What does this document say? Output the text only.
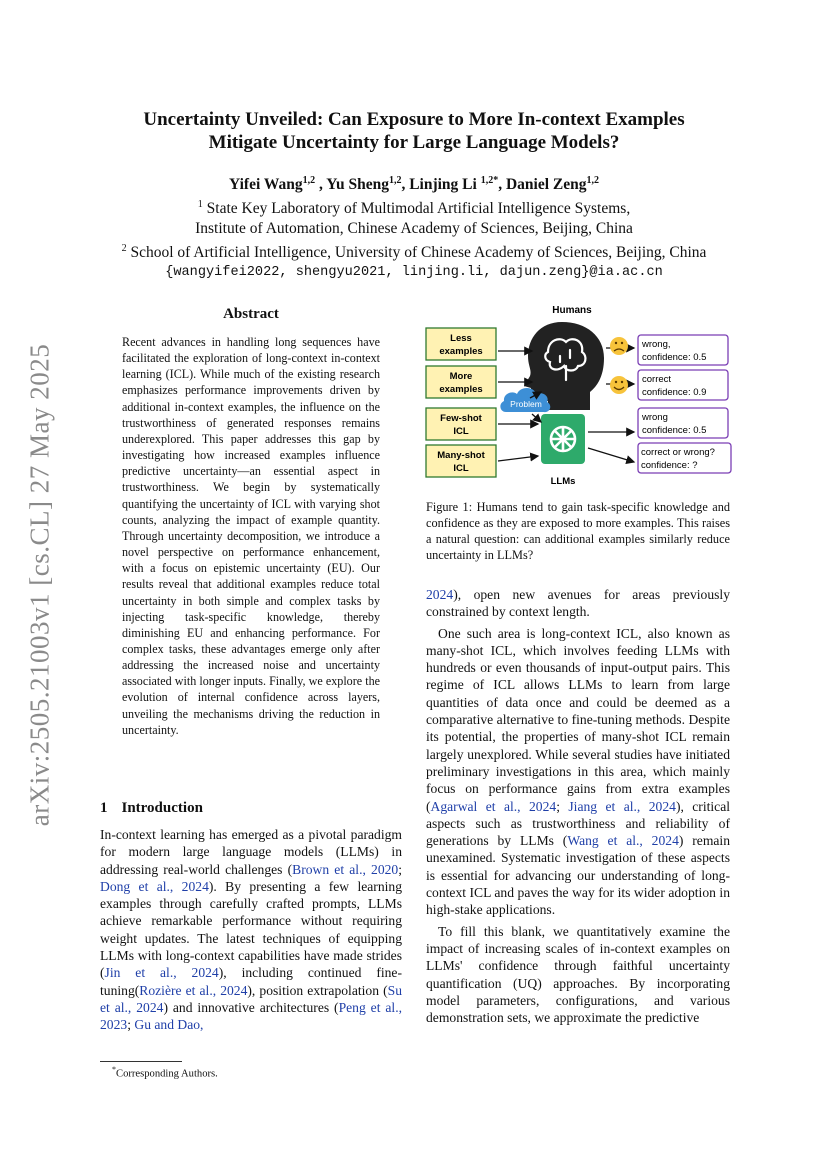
arXiv:2505.21003v1 [cs.CL] 27 May 2025
Uncertainty Unveiled: Can Exposure to More In-context Examples
Mitigate Uncertainty for Large Language Models?
Yifei Wang$^{1,2}$ , Yu Sheng$^{1,2}$, Linjing Li $^{1,2*}$, Daniel Zeng$^{1,2}$
$^1$ State Key Laboratory of Multimodal Artificial Intelligence Systems,
Institute of Automation, Chinese Academy of Sciences, Beijing, China
$^2$ School of Artificial Intelligence, University of Chinese Academy of Sciences, Beijing, China
{wangyifei2022, shengyu2021, linjing.li, dajun.zeng}@ia.ac.cn
Abstract
Recent advances in handling long sequences have facilitated the exploration of long-context in-context learning (ICL). While much of the existing research emphasizes performance improvements driven by additional in-context examples, the influence on the trustworthiness of generated responses remains underexplored. This paper addresses this gap by investigating how increased examples influence predictive uncertainty—an essential aspect in trustworthiness. We begin by systematically quantifying the uncertainty of ICL with varying shot counts, analyzing the impact of example quantity. Through uncertainty decomposition, we introduce a novel perspective on performance enhancement, with a focus on epistemic uncertainty (EU). Our results reveal that additional examples reduce total uncertainty in both simple and complex tasks by injecting task-specific knowledge, thereby diminishing EU and enhancing performance. For complex tasks, these advantages emerge only after addressing the increased noise and uncertainty associated with longer inputs. Finally, we explore the evolution of internal confidence across layers, unveiling the mechanisms driving the reduction in uncertainty.
1 Introduction
In-context learning has emerged as a pivotal paradigm for modern large language models (LLMs) in addressing real-world challenges (Brown et al., 2020; Dong et al., 2024). By presenting a few learning examples through carefully crafted prompts, LLMs achieve remarkable performance without requiring weight updates. The latest techniques of equipping LLMs with long-context capabilities have made strides (Jin et al., 2024), including continued fine-tuning(Rozière et al., 2024), position extrapolation (Su et al., 2024) and innovative architectures (Peng et al., 2023; Gu and Dao,
*Corresponding Authors.
Humans
LLMs
Problem
Less
examples
More
examples
Few-shot
ICL
Many-shot
ICL
wrong,
confidence: 0.5
correct
confidence: 0.9
wrong
confidence: 0.5
correct or wrong?
confidence: ?
Figure 1: Humans tend to gain task-specific knowledge and confidence as they are exposed to more examples. This raises a natural question: can additional examples similarly reduce uncertainty in LLMs?

2024), open new avenues for areas previously constrained by context length.

One such area is long-context ICL, also known as many-shot ICL, which involves feeding LLMs with hundreds or even thousands of input-output pairs. This regime of ICL allows LLMs to learn from large quantities of data once and could be deemed as a comparative alternative to fine-tuning methods. Despite its potential, the properties of many-shot ICL remain largely unexplored. While several studies have initiated preliminary investigations in this area, which mainly focus on performance gains from extra examples (Agarwal et al., 2024; Jiang et al., 2024), critical aspects such as trustworthiness and reliability of generations by LLMs (Wang et al., 2024) remain unexamined. Systematic investigation of these aspects is essential for advancing our understanding of long-context ICL and paves the way for its wider adoption in high-stake applications.

To fill this blank, we quantitatively examine the impact of increasing scales of in-context examples on LLMs' confidence through faithful uncertainty quantification (UQ) approaches. By incorporating model parameters, configurations, and various demonstration sets, we approximate the predictive
